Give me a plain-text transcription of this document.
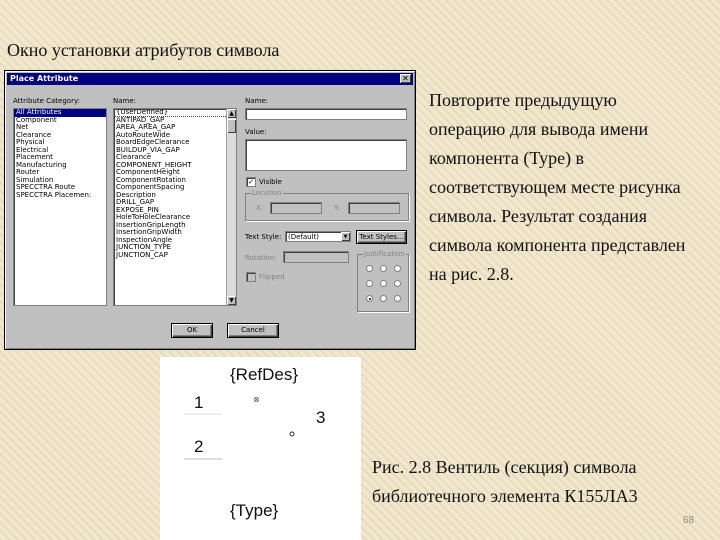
Окно установки атрибутов символа
Place Attribute	✕
Attribute Category:
All Attributes
Component
Net
Clearance
Physical
Electrical
Placement
Manufacturing
Router
Simulation
SPECCTRA Route
SPECCTRA Placemen:
Name:
{UserDefined}
ANTIPAD_GAP
AREA_AREA_GAP
AutoRouteWide
BoardEdgeClearance
BUILDUP_VIA_GAP
Clearance
COMPONENT_HEIGHT
ComponentHeight
ComponentRotation
ComponentSpacing
Description
DRILL_GAP
EXPOSE_PIN
HoleToHoleClearance
InsertionGripLength
InsertionGripWidth
InspectionAngle
JUNCTION_TYPE
JUNCTION_CAP
▲
▼
Name:
Value:
✓ Visible
Location
X:	Y:
Text Style: (Default)	▼	Text Styles...
Rotation:
Flipped
Justification
OK	Cancel
Повторите предыдущую операцию для вывода имени компонента (Type) в соответствующем месте рисунка символа. Результат создания символа компонента представлен на рис. 2.8.
{RefDes}
1	⊗
3
2
{Type}
Рис. 2.8 Вентиль (секция) символа библиотечного элемента К155ЛА3
68
